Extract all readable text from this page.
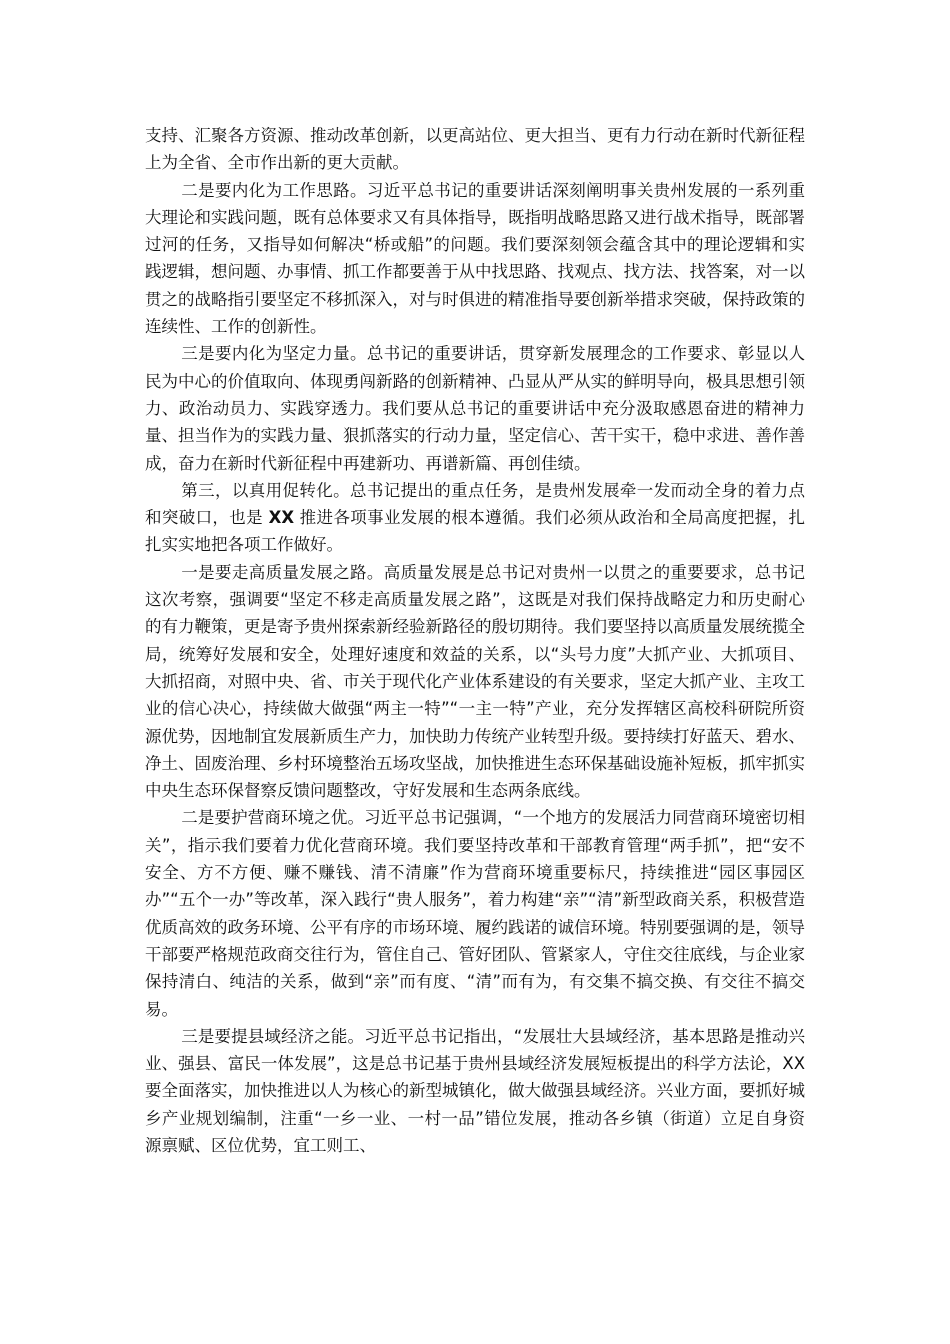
支持、汇聚各方资源、推动改革创新，以更高站位、更大担当、更有力行动在新时代新征程上为全省、全市作出新的更大贡献。

二是要内化为工作思路。习近平总书记的重要讲话深刻阐明事关贵州发展的一系列重大理论和实践问题，既有总体要求又有具体指导，既指明战略思路又进行战术指导，既部署过河的任务，又指导如何解决“桥或船”的问题。我们要深刻领会蕴含其中的理论逻辑和实践逻辑，想问题、办事情、抓工作都要善于从中找思路、找观点、找方法、找答案，对一以贯之的战略指引要坚定不移抓深入，对与时俱进的精准指导要创新举措求突破，保持政策的连续性、工作的创新性。

三是要内化为坚定力量。总书记的重要讲话，贯穿新发展理念的工作要求、彰显以人民为中心的价值取向、体现勇闯新路的创新精神、凸显从严从实的鲜明导向，极具思想引领力、政治动员力、实践穿透力。我们要从总书记的重要讲话中充分汲取感恩奋进的精神力量、担当作为的实践力量、狠抓落实的行动力量，坚定信心、苦干实干，稳中求进、善作善成，奋力在新时代新征程中再建新功、再谱新篇、再创佳绩。

第三，以真用促转化。总书记提出的重点任务，是贵州发展牵一发而动全身的着力点和突破口，也是 XX 推进各项事业发展的根本遵循。我们必须从政治和全局高度把握，扎扎实实地把各项工作做好。

一是要走高质量发展之路。高质量发展是总书记对贵州一以贯之的重要要求，总书记这次考察，强调要“坚定不移走高质量发展之路”，这既是对我们保持战略定力和历史耐心的有力鞭策，更是寄予贵州探索新经验新路径的殷切期待。我们要坚持以高质量发展统揽全局，统筹好发展和安全，处理好速度和效益的关系，以“头号力度”大抓产业、大抓项目、大抓招商，对照中央、省、市关于现代化产业体系建设的有关要求，坚定大抓产业、主攻工业的信心决心，持续做大做强“两主一特”“一主一特”产业，充分发挥辖区高校科研院所资源优势，因地制宜发展新质生产力，加快助力传统产业转型升级。要持续打好蓝天、碧水、净土、固废治理、乡村环境整治五场攻坚战，加快推进生态环保基础设施补短板，抓牢抓实中央生态环保督察反馈问题整改，守好发展和生态两条底线。

二是要护营商环境之优。习近平总书记强调，“一个地方的发展活力同营商环境密切相关”，指示我们要着力优化营商环境。我们要坚持改革和干部教育管理“两手抓”，把“安不安全、方不方便、赚不赚钱、清不清廉”作为营商环境重要标尺，持续推进“园区事园区办”“五个一办”等改革，深入践行“贵人服务”，着力构建“亲”“清”新型政商关系，积极营造优质高效的政务环境、公平有序的市场环境、履约践诺的诚信环境。特别要强调的是，领导干部要严格规范政商交往行为，管住自己、管好团队、管紧家人，守住交往底线，与企业家保持清白、纯洁的关系，做到“亲”而有度、“清”而有为，有交集不搞交换、有交往不搞交易。

三是要提县域经济之能。习近平总书记指出，“发展壮大县域经济，基本思路是推动兴业、强县、富民一体发展”，这是总书记基于贵州县域经济发展短板提出的科学方法论，XX 要全面落实，加快推进以人为核心的新型城镇化，做大做强县域经济。兴业方面，要抓好城乡产业规划编制，注重“一乡一业、一村一品”错位发展，推动各乡镇（街道）立足自身资源禀赋、区位优势，宜工则工、
